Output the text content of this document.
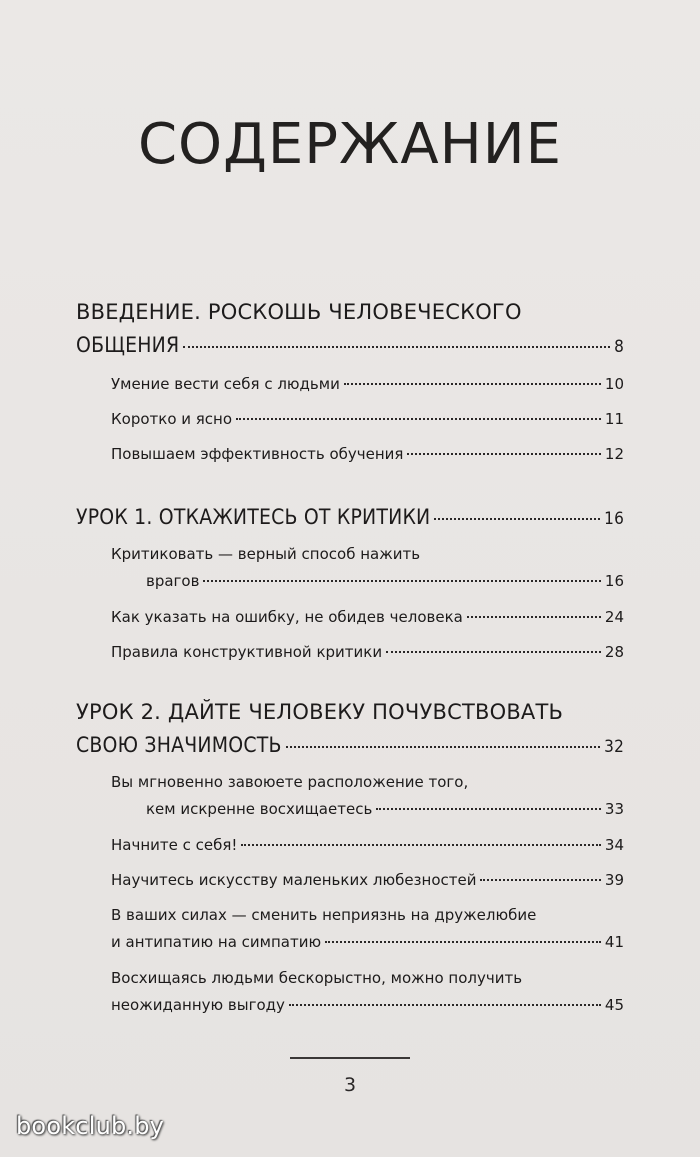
СОДЕРЖАНИЕ
ВВЕДЕНИЕ. РОСКОШЬ ЧЕЛОВЕЧЕСКОГО
ОБЩЕНИЯ	8
Умение вести себя с людьми	10
Коротко и ясно	11
Повышаем эффективность обучения	12
УРОК 1. ОТКАЖИТЕСЬ ОТ КРИТИКИ	16
Критиковать — верный способ нажить
врагов	16
Как указать на ошибку, не обидев человека	24
Правила конструктивной критики	28
УРОК 2. ДАЙТЕ ЧЕЛОВЕКУ ПОЧУВСТВОВАТЬ
СВОЮ ЗНАЧИМОСТЬ	32
Вы мгновенно завоюете расположение того,
кем искренне восхищаетесь	33
Начните с себя!	34
Научитесь искусству маленьких любезностей	39
В ваших силах — сменить неприязнь на дружелюбие
и антипатию на симпатию	41
Восхищаясь людьми бескорыстно, можно получить
неожиданную выгоду	45
3
bookclub.by
